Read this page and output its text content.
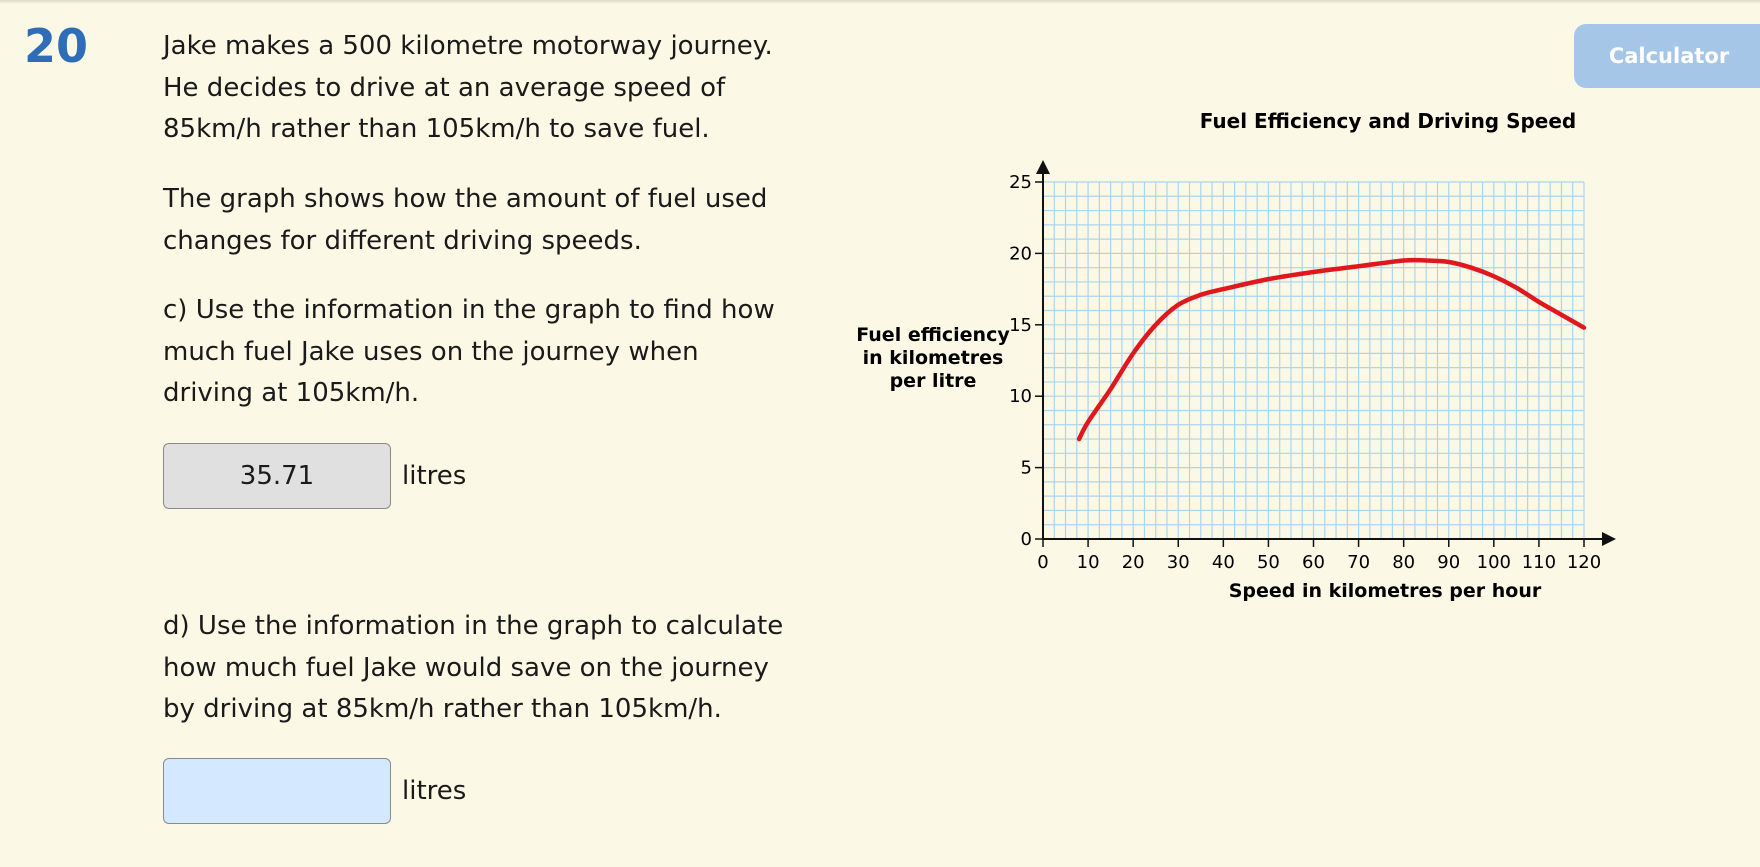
20	Calculator
Jake makes a 500 kilometre motorway journey.
He decides to drive at an average speed of
85km/h rather than 105km/h to save fuel.
The graph shows how the amount of fuel used
changes for different driving speeds.
c) Use the information in the graph to find how
much fuel Jake uses on the journey when
driving at 105km/h.
35.71
litres
d) Use the information in the graph to calculate
how much fuel Jake would save on the journey
by driving at 85km/h rather than 105km/h.
litres
Fuel Efficiency and Driving Speed
0 10 20 30 40 50 60 70 80 90 100 110 120
0
5
10
15
20
25
Speed in kilometres per hour
Fuel efficiency
in kilometres
per litre
